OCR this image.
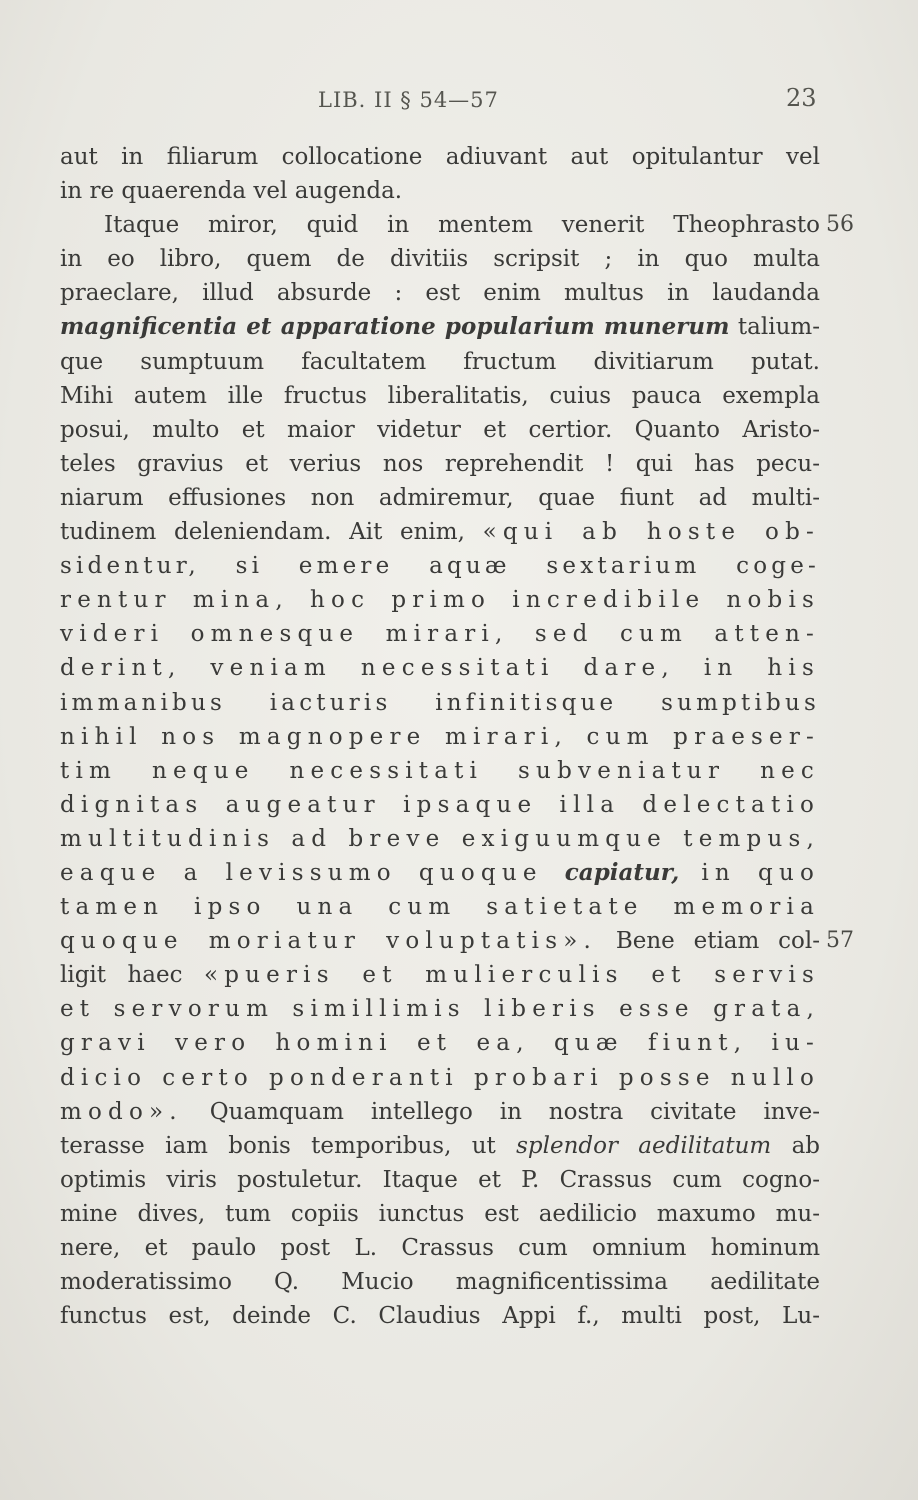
LIB. II § 54—57	23
aut in filiarum collocatione adiuvant aut opitulantur vel
in re quaerenda vel augenda.
Itaque miror, quid in mentem venerit Theophrasto 56
in eo libro, quem de divitiis scripsit ; in quo multa
praeclare, illud absurde : est enim multus in laudanda
magnificentia et apparatione popularium munerum talium-
que sumptuum facultatem fructum divitiarum putat.
Mihi autem ille fructus liberalitatis, cuius pauca exempla
posui, multo et maior videtur et certior. Quanto Aristo-
teles gravius et verius nos reprehendit ! qui has pecu-
niarum effusiones non admiremur, quae fiunt ad multi-
tudinem deleniendam. Ait enim, «qui ab hoste ob-
sidentur, si emere aquæ sextarium coge-
rentur mina, hoc primo incredibile nobis
videri omnesque mirari, sed cum atten-
derint, veniam necessitati dare, in his
immanibus iacturis infinitisque sumptibus
nihil nos magnopere mirari, cum praeser-
tim neque necessitati subveniatur nec
dignitas augeatur ipsaque illa delectatio
multitudinis ad breve exiguumque tempus,
eaque a levissumo quoque capiatur, in quo
tamen ipso una cum satietate memoria
quoque moriatur voluptatis». Bene etiam col- 57
ligit haec «pueris et mulierculis et servis
et servorum simillimis liberis esse grata,
gravi vero homini et ea, quæ fiunt, iu-
dicio certo ponderanti probari posse nullo
modo». Quamquam intellego in nostra civitate inve-
terasse iam bonis temporibus, ut splendor aedilitatum ab
optimis viris postuletur. Itaque et P. Crassus cum cogno-
mine dives, tum copiis iunctus est aedilicio maxumo mu-
nere, et paulo post L. Crassus cum omnium hominum
moderatissimo Q. Mucio magnificentissima aedilitate
functus est, deinde C. Claudius Appi f., multi post, Lu-
